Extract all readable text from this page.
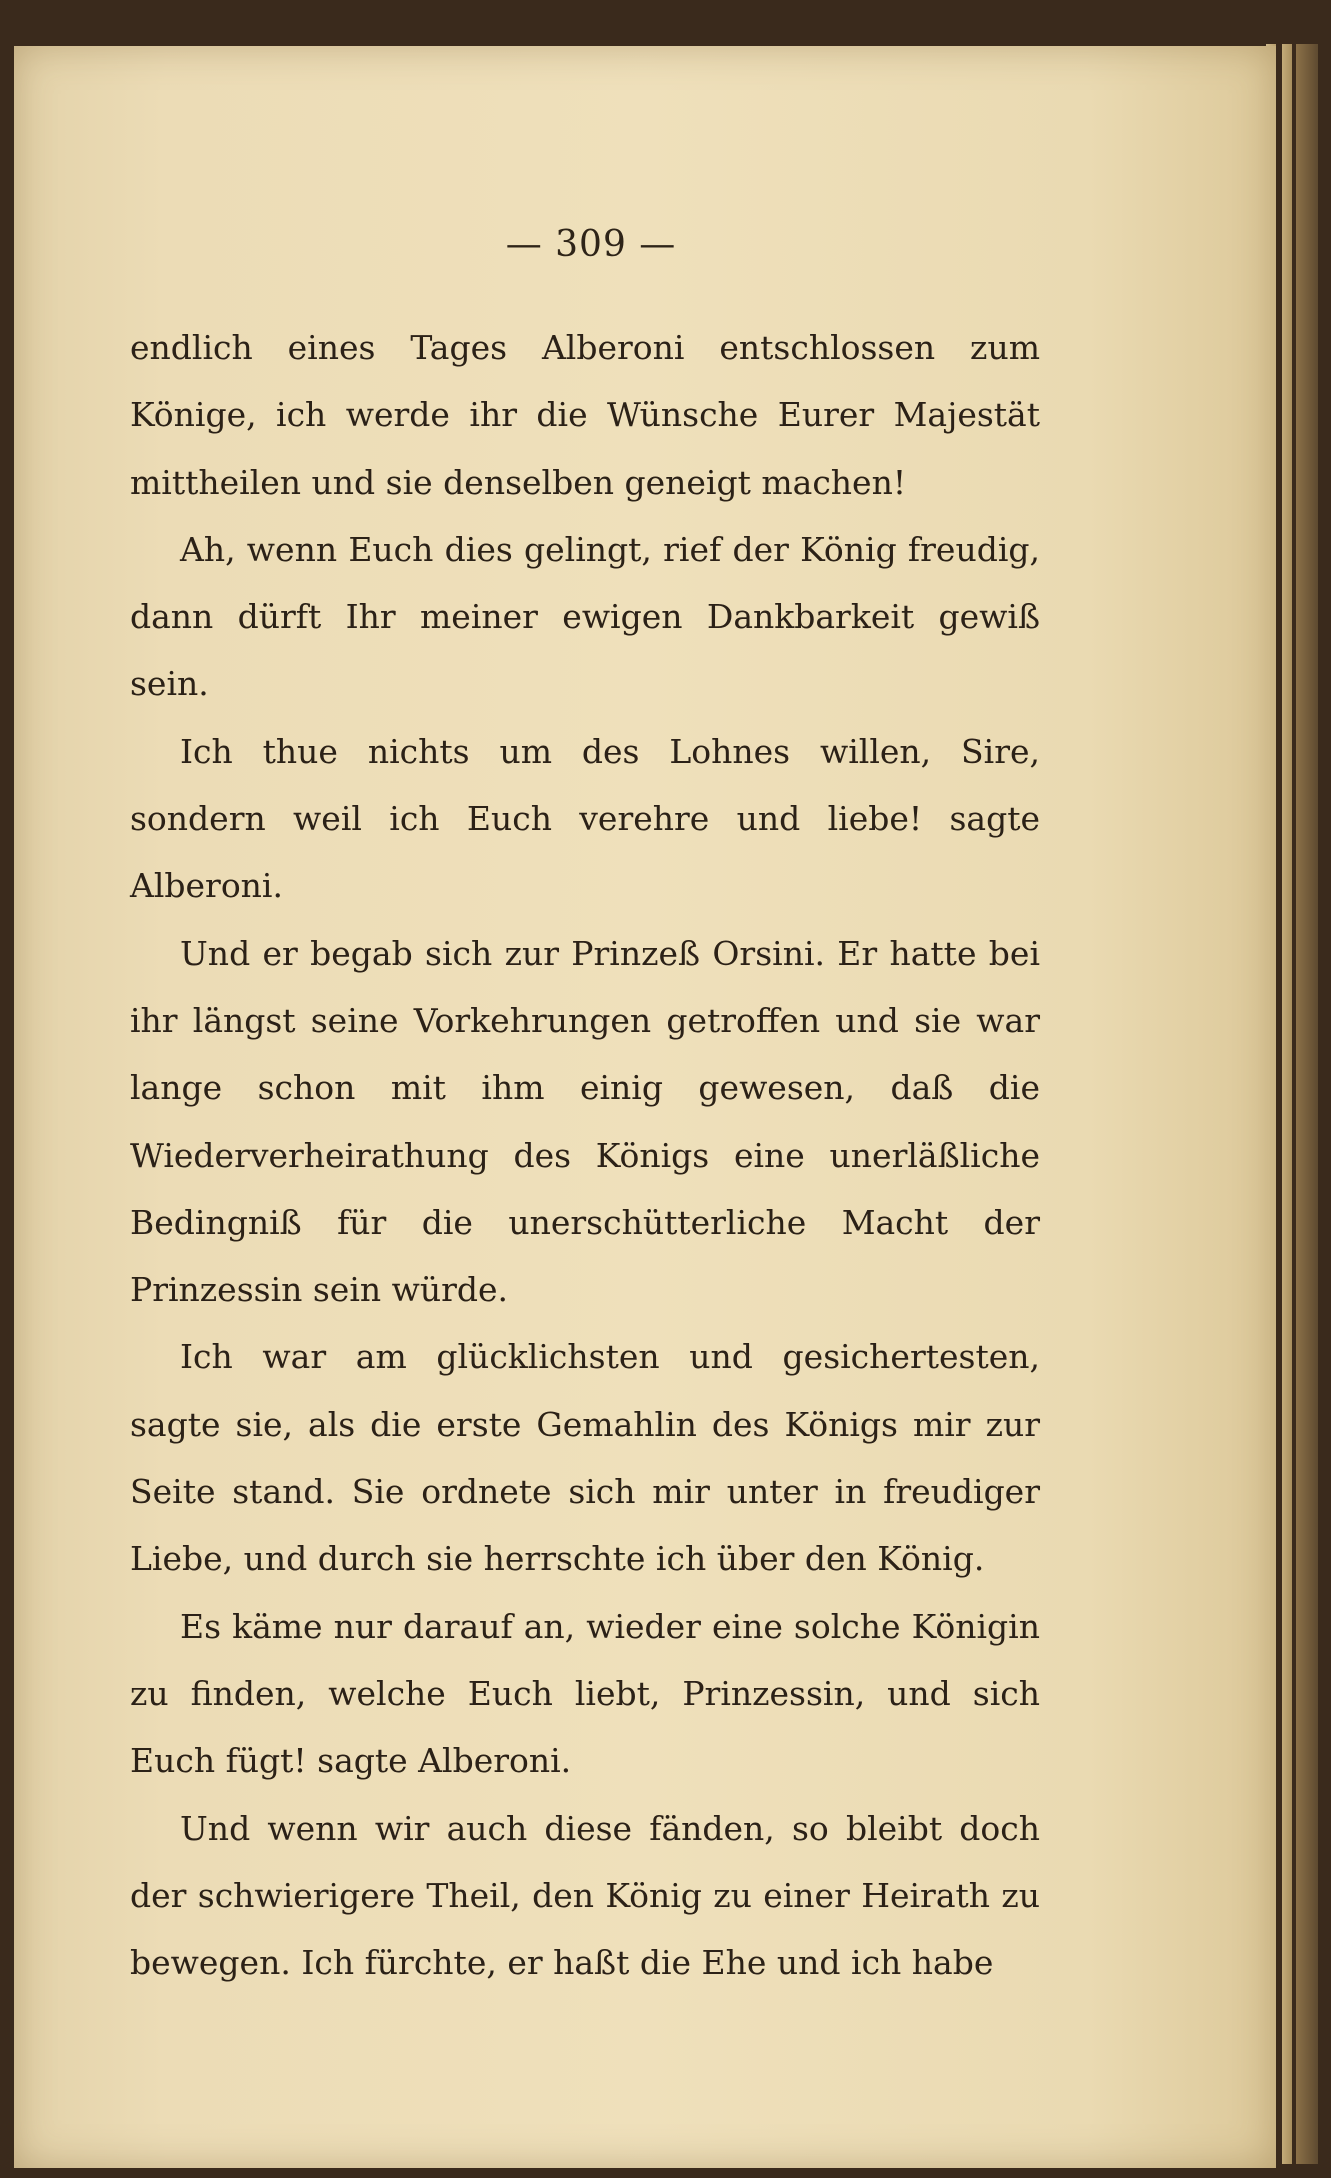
— 309 —

endlich eines Tages Alberoni entschlossen zum Könige, ich werde ihr die Wünsche Eurer Majestät mittheilen und sie denselben geneigt machen!

Ah, wenn Euch dies gelingt, rief der König freudig, dann dürft Ihr meiner ewigen Dankbarkeit gewiß sein.

Ich thue nichts um des Lohnes willen, Sire, sondern weil ich Euch verehre und liebe! sagte Alberoni.

Und er begab sich zur Prinzeß Orsini. Er hatte bei ihr längst seine Vorkehrungen getroffen und sie war lange schon mit ihm einig gewesen, daß die Wiederverheirathung des Königs eine unerläßliche Bedingniß für die unerschütterliche Macht der Prinzessin sein würde.

Ich war am glücklichsten und gesichertesten, sagte sie, als die erste Gemahlin des Königs mir zur Seite stand. Sie ordnete sich mir unter in freudiger Liebe, und durch sie herrschte ich über den König.

Es käme nur darauf an, wieder eine solche Königin zu finden, welche Euch liebt, Prinzessin, und sich Euch fügt! sagte Alberoni.

Und wenn wir auch diese fänden, so bleibt doch der schwierigere Theil, den König zu einer Heirath zu bewegen. Ich fürchte, er haßt die Ehe und ich habe
